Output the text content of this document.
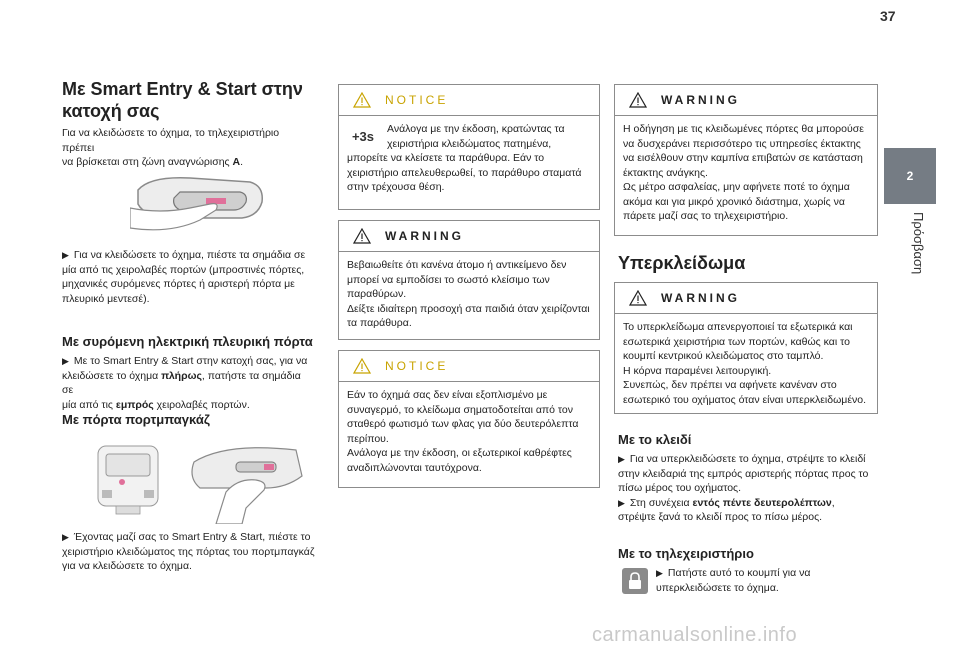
37
2
Πρόσβαση
Με Smart Entry & Start στην
κατοχή σας
Για να κλειδώσετε το όχημα, το τηλεχειριστήριο πρέπει
να βρίσκεται στη ζώνη αναγνώρισης A.
▶ Για να κλειδώσετε το όχημα, πιέστε τα σημάδια σε
μία από τις χειρολαβές πορτών (μπροστινές πόρτες,
μηχανικές συρόμενες πόρτες ή αριστερή πόρτα με
πλευρικό μεντεσέ).
Με συρόμενη ηλεκτρική πλευρική πόρτα
▶ Με το Smart Entry & Start στην κατοχή σας, για να
κλειδώσετε το όχημα πλήρως, πατήστε τα σημάδια σε
μία από τις εμπρός χειρολαβές πορτών.
Με πόρτα πορτμπαγκάζ
▶ Έχοντας μαζί σας το Smart Entry & Start, πιέστε το
χειριστήριο κλειδώματος της πόρτας του πορτμπαγκάζ
για να κλειδώσετε το όχημα.
NOTICE
+3s Ανάλογα με την έκδοση, κρατώντας τα
χειριστήρια κλειδώματος πατημένα,
μπορείτε να κλείσετε τα παράθυρα. Εάν το
χειριστήριο απελευθερωθεί, το παράθυρο σταματά
στην τρέχουσα θέση.
WARNING
Βεβαιωθείτε ότι κανένα άτομο ή αντικείμενο δεν
μπορεί να εμποδίσει το σωστό κλείσιμο των
παραθύρων.
Δείξτε ιδιαίτερη προσοχή στα παιδιά όταν χειρίζονται
τα παράθυρα.
NOTICE
Εάν το όχημά σας δεν είναι εξοπλισμένο με
συναγερμό, το κλείδωμα σηματοδοτείται από τον
σταθερό φωτισμό των φλας για δύο δευτερόλεπτα
περίπου.
Ανάλογα με την έκδοση, οι εξωτερικοί καθρέφτες
αναδιπλώνονται ταυτόχρονα.
WARNING
Η οδήγηση με τις κλειδωμένες πόρτες θα μπορούσε
να δυσχεράνει περισσότερο τις υπηρεσίες έκτακτης
να εισέλθουν στην καμπίνα επιβατών σε κατάσταση
έκτακτης ανάγκης.
Ως μέτρο ασφαλείας, μην αφήνετε ποτέ το όχημα
ακόμα και για μικρό χρονικό διάστημα, χωρίς να
πάρετε μαζί σας το τηλεχειριστήριο.
Υπερκλείδωμα
WARNING
Το υπερκλείδωμα απενεργοποιεί τα εξωτερικά και
εσωτερικά χειριστήρια των πορτών, καθώς και το
κουμπί κεντρικού κλειδώματος στο ταμπλό.
Η κόρνα παραμένει λειτουργική.
Συνεπώς, δεν πρέπει να αφήνετε κανέναν στο
εσωτερικό του οχήματος όταν είναι υπερκλειδωμένο.
Με το κλειδί
▶ Για να υπερκλειδώσετε το όχημα, στρέψτε το κλειδί
στην κλειδαριά της εμπρός αριστερής πόρτας προς το
πίσω μέρος του οχήματος.
▶ Στη συνέχεια εντός πέντε δευτερολέπτων,
στρέψτε ξανά το κλειδί προς το πίσω μέρος.
Με το τηλεχειριστήριο
▶ Πατήστε αυτό το κουμπί για να
υπερκλειδώσετε το όχημα.
carmanualsonline.info
